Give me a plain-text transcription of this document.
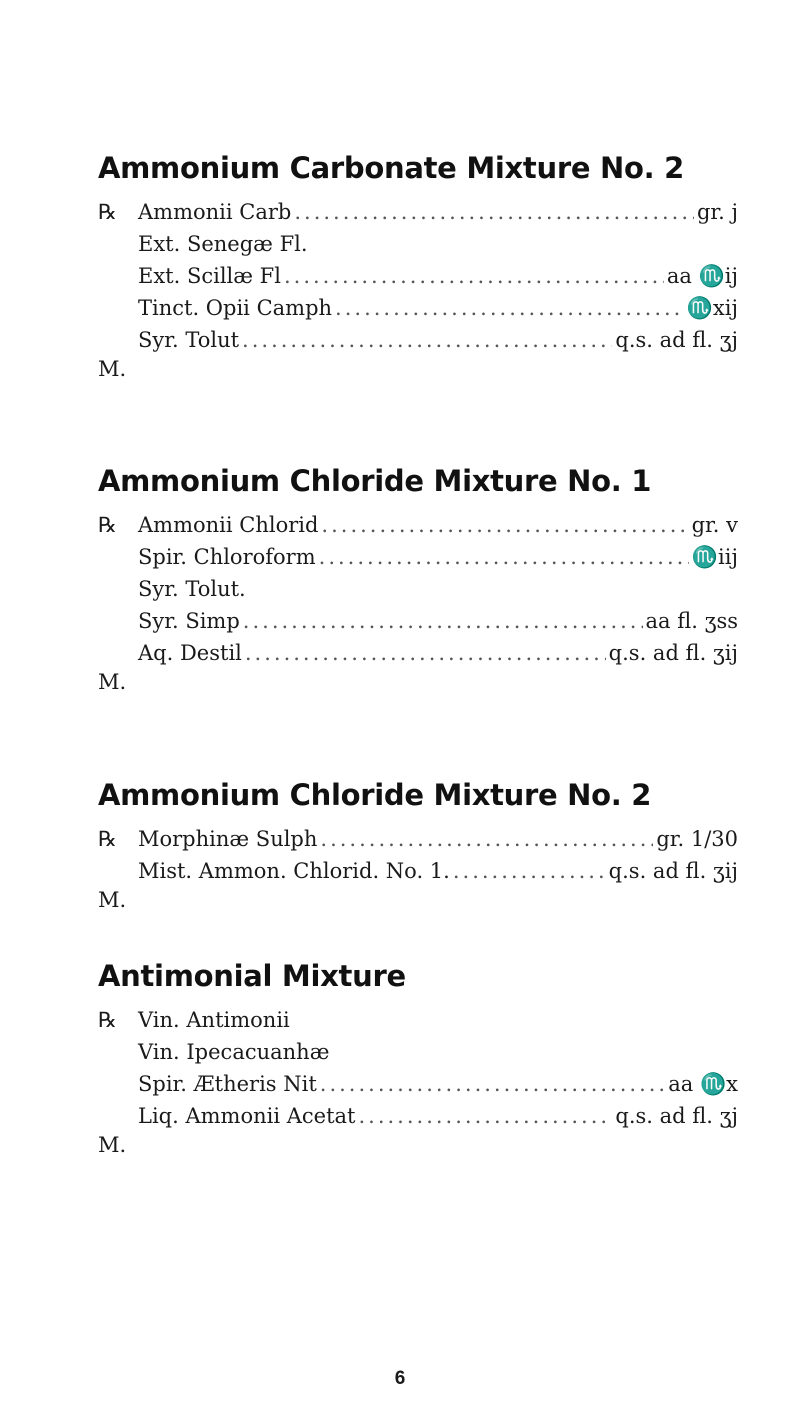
Ammonium Carbonate Mixture No. 2
℞	Ammonii Carb .....	gr. j
Ext. Senegæ Fl.
Ext. Scillæ Fl .....	aa ♏ij
Tinct. Opii Camph .....	♏xij
Syr. Tolut .....	q.s. ad fl. ʒj
M.
Ammonium Chloride Mixture No. 1
℞	Ammonii Chlorid .....	gr. v
Spir. Chloroform .....	♏iij
Syr. Tolut.
Syr. Simp .....	aa fl. ʒss
Aq. Destil .....	q.s. ad fl. ʒij
M.
Ammonium Chloride Mixture No. 2
℞	Morphinæ Sulph .....	gr. 1/30
Mist. Ammon. Chlorid. No. 1. .....	q.s. ad fl. ʒij
M.
Antimonial Mixture
℞	Vin. Antimonii
Vin. Ipecacuanhæ
Spir. Ætheris Nit .....	aa ♏x
Liq. Ammonii Acetat .....	q.s. ad fl. ʒj
M.
6
